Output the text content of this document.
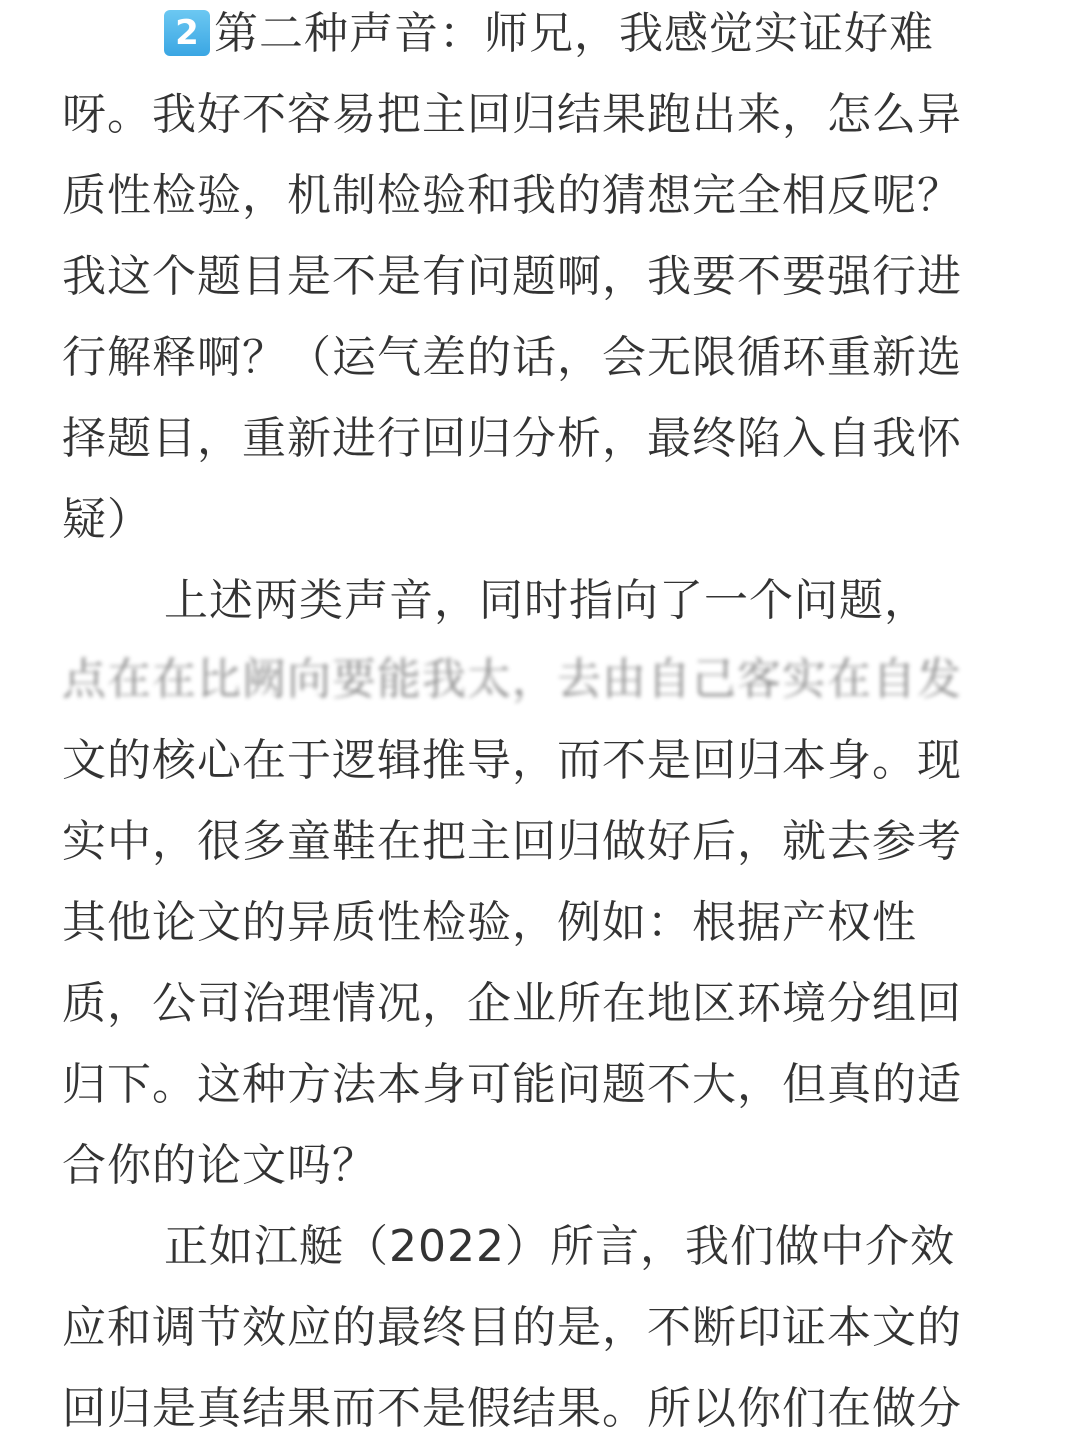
2 第二种声音：师兄，我感觉实证好难
呀。我好不容易把主回归结果跑出来，怎么异
质性检验，机制检验和我的猜想完全相反呢？
我这个题目是不是有问题啊，我要不要强行进
行解释啊？（运气差的话，会无限循环重新选
择题目，重新进行回归分析，最终陷入自我怀
疑）
上述两类声音，同时指向了一个问题，
点在在比阙向要能我太，去由自己客实在自发
文的核心在于逻辑推导，而不是回归本身。现
实中，很多童鞋在把主回归做好后，就去参考
其他论文的异质性检验，例如：根据产权性
质，公司治理情况，企业所在地区环境分组回
归下。这种方法本身可能问题不大，但真的适
合你的论文吗？
正如江艇（2022）所言，我们做中介效
应和调节效应的最终目的是，不断印证本文的
回归是真结果而不是假结果。所以你们在做分
